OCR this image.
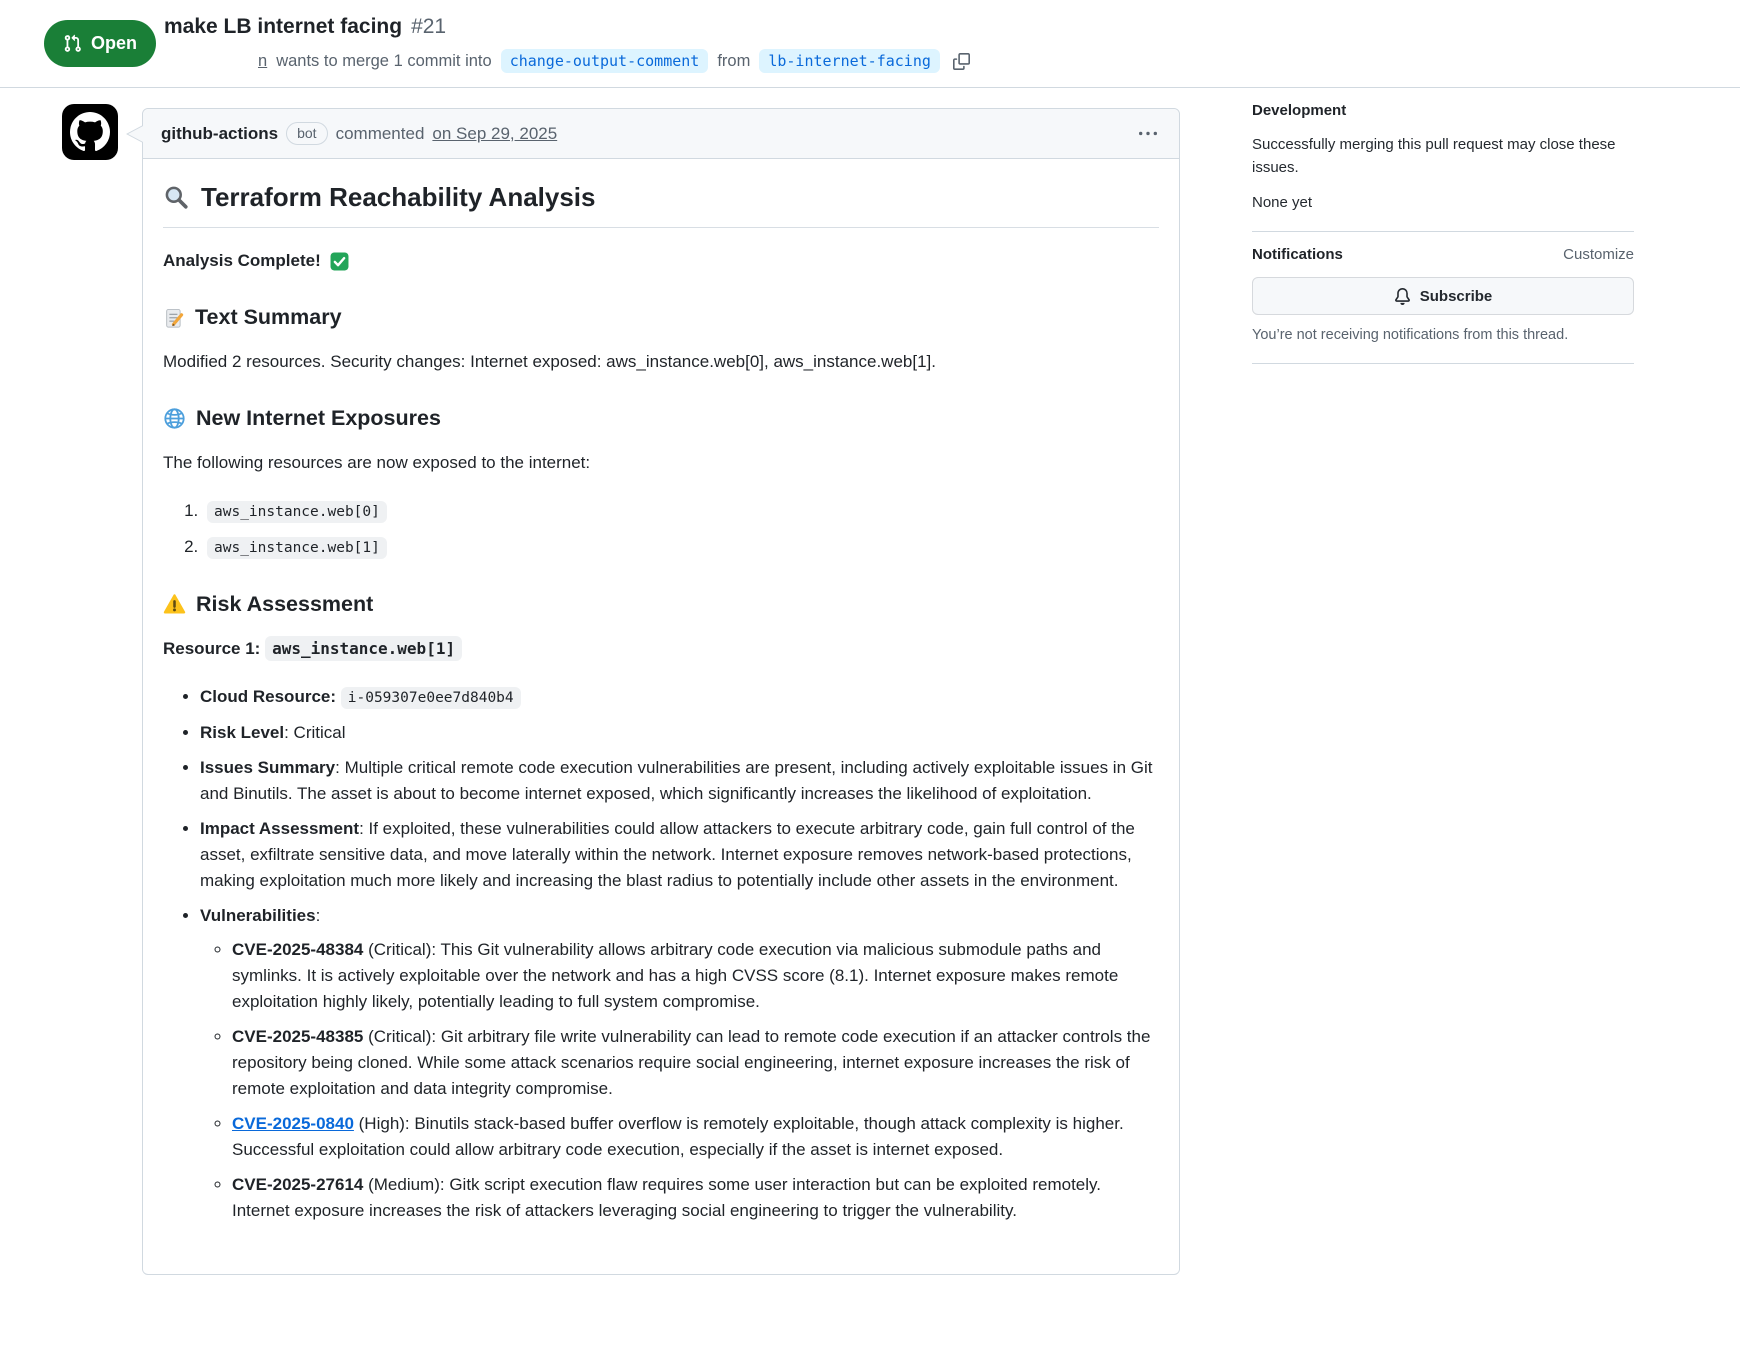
Open
make LB internet facing #21
n wants to merge 1 commit into	change-output-comment	from	lb-internet-facing
github-actions	bot	commented on Sep 29, 2025
Terraform Reachability Analysis
Analysis Complete!
Text Summary

Modified 2 resources. Security changes: Internet exposed: aws_instance.web[0], aws_instance.web[1].

New Internet Exposures

The following resources are now exposed to the internet:

1. aws_instance.web[0]
2. aws_instance.web[1]
Risk Assessment

Resource 1: aws_instance.web[1]

• Cloud Resource: i-059307e0ee7d840b4
• Risk Level: Critical
• Issues Summary: Multiple critical remote code execution vulnerabilities are present, including actively exploitable issues in Git and Binutils. The asset is about to become internet exposed, which significantly increases the likelihood of exploitation.
• Impact Assessment: If exploited, these vulnerabilities could allow attackers to execute arbitrary code, gain full control of the asset, exfiltrate sensitive data, and move laterally within the network. Internet exposure removes network-based protections, making exploitation much more likely and increasing the blast radius to potentially include other assets in the environment.
• Vulnerabilities:
◦ CVE-2025-48384 (Critical): This Git vulnerability allows arbitrary code execution via malicious submodule paths and symlinks. It is actively exploitable over the network and has a high CVSS score (8.1). Internet exposure makes remote exploitation highly likely, potentially leading to full system compromise.
◦ CVE-2025-48385 (Critical): Git arbitrary file write vulnerability can lead to remote code execution if an attacker controls the repository being cloned. While some attack scenarios require social engineering, internet exposure increases the risk of remote exploitation and data integrity compromise.
◦ CVE-2025-0840 (High): Binutils stack-based buffer overflow is remotely exploitable, though attack complexity is higher. Successful exploitation could allow arbitrary code execution, especially if the asset is internet exposed.
◦ CVE-2025-27614 (Medium): Gitk script execution flaw requires some user interaction but can be exploited remotely. Internet exposure increases the risk of attackers leveraging social engineering to trigger the vulnerability.
Development
Successfully merging this pull request may close these issues.
None yet
Notifications	Customize
Subscribe
You’re not receiving notifications from this thread.
